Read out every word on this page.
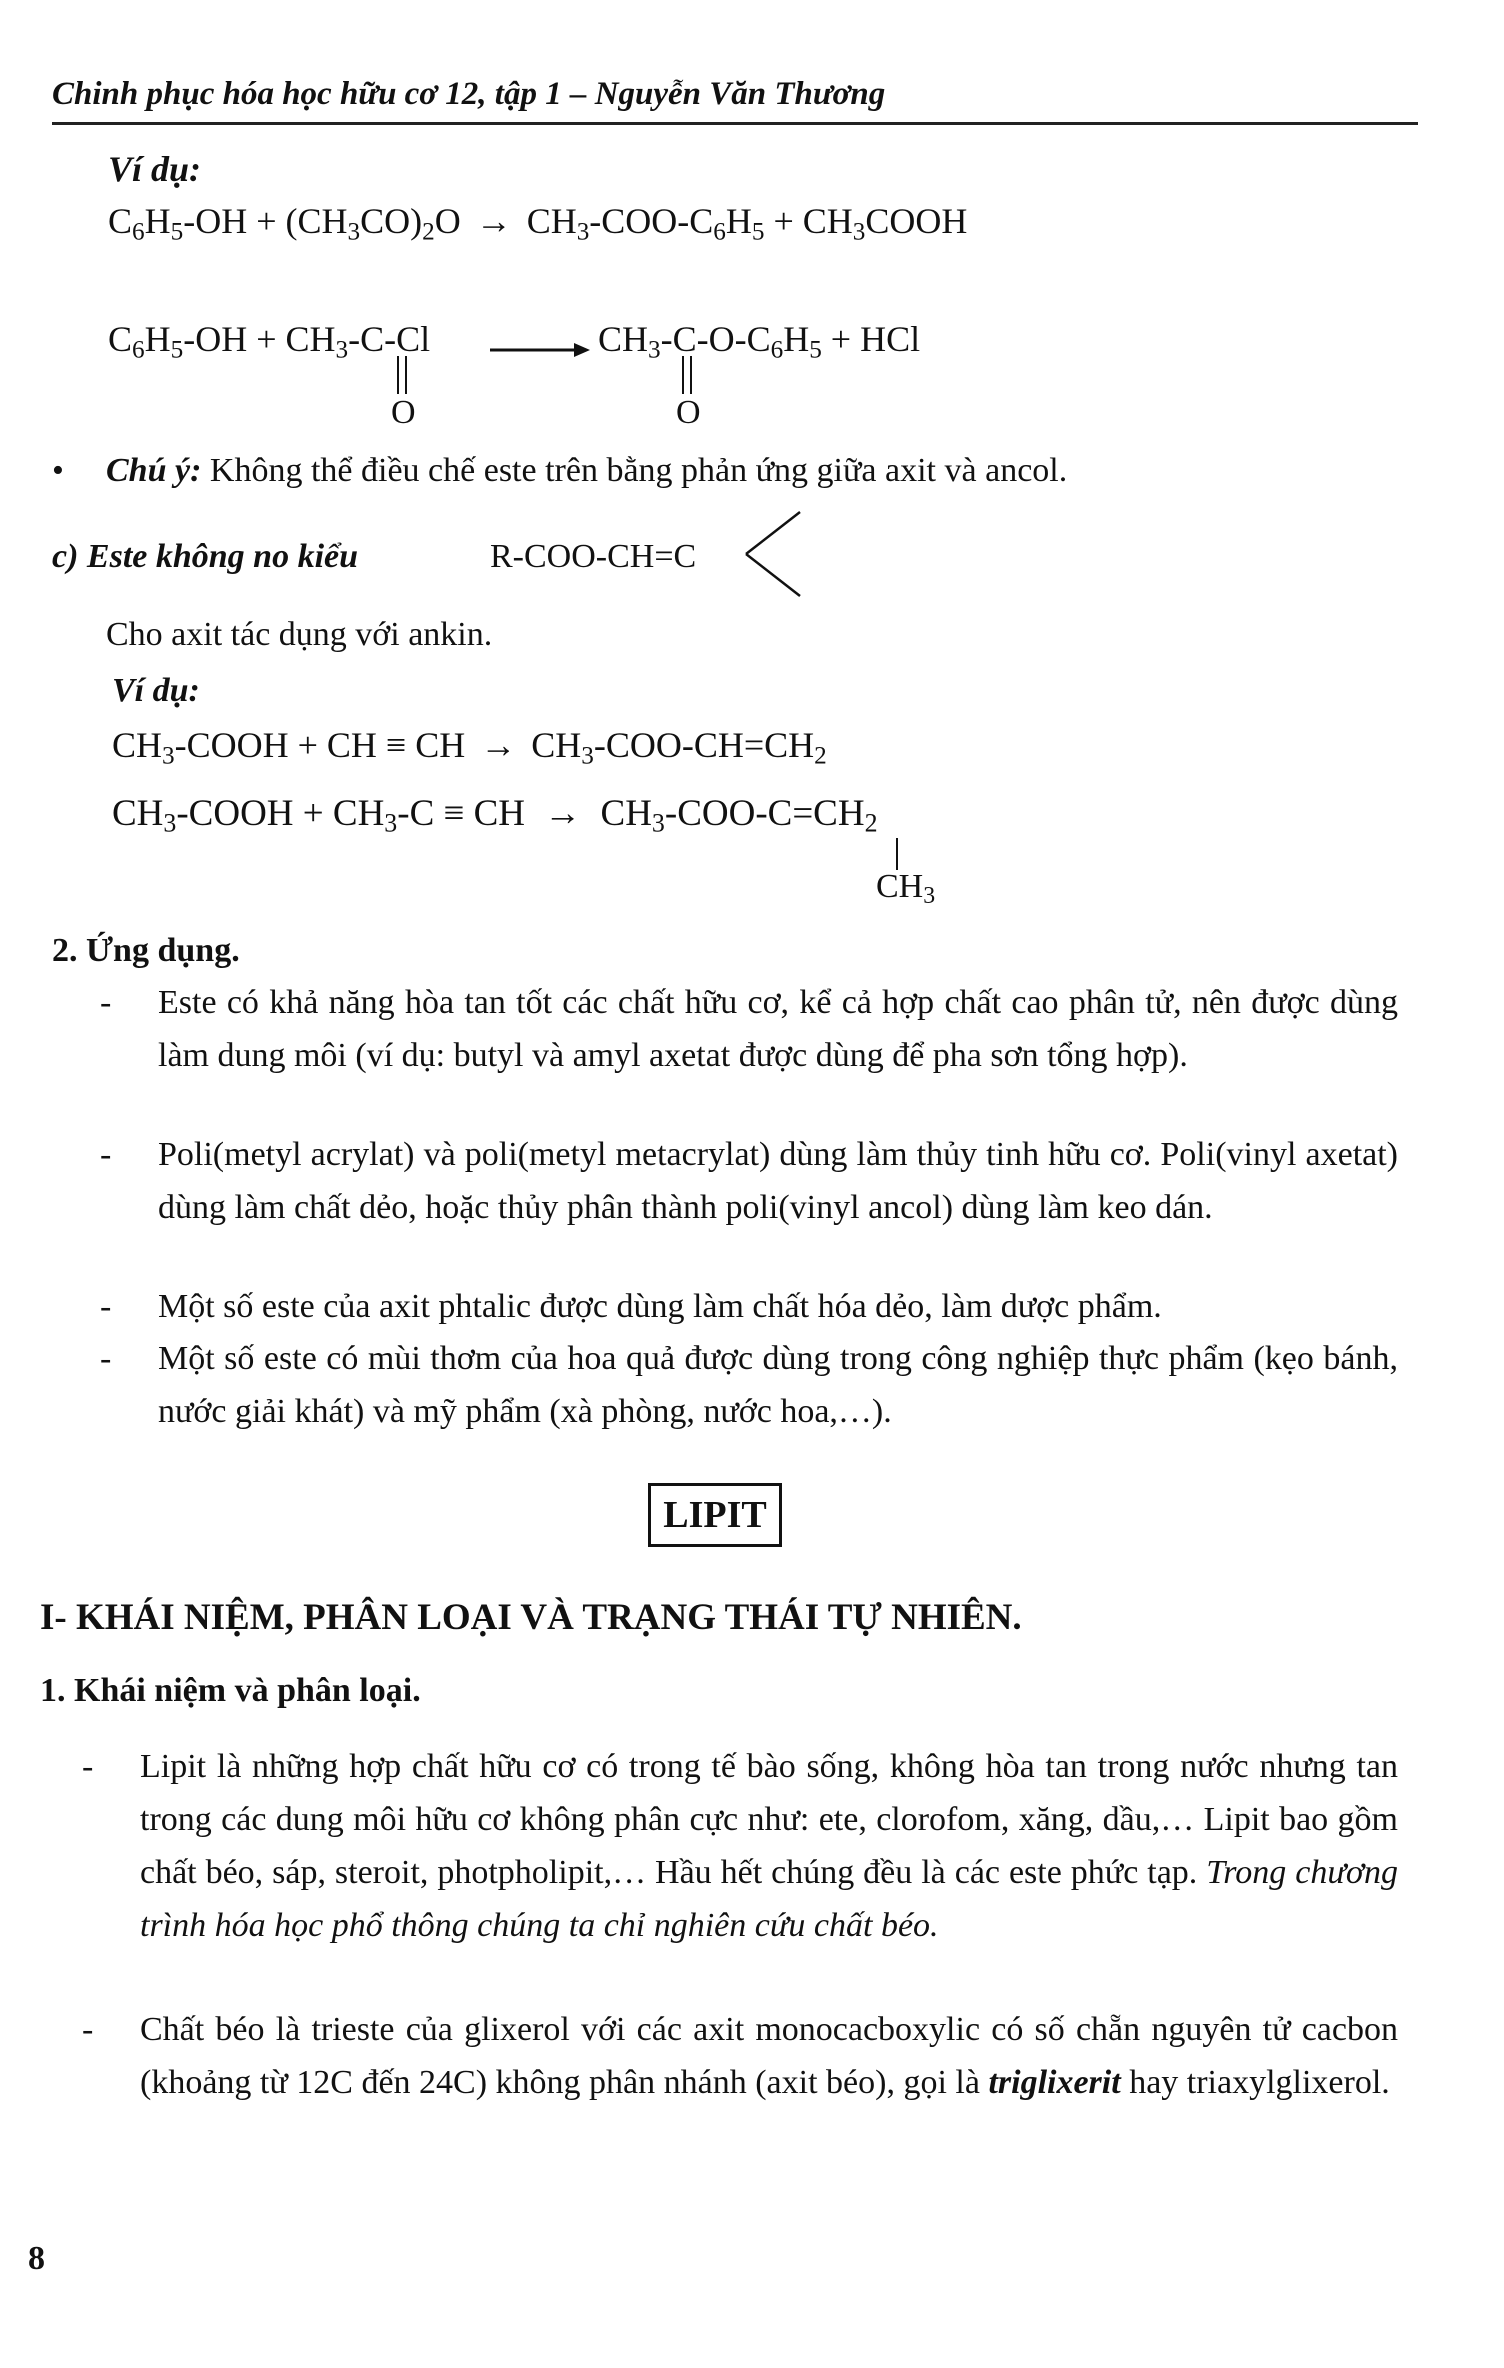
Chinh phục hóa học hữu cơ 12, tập 1 – Nguyễn Văn Thương
Ví dụ:
$C_6H_5-OH + (CH_3CO)_2O \to CH_3-COO-C_6H_5$ + $CH_3COOH$
$C_6H_5-OH + CH_3-C-Cl$	$CH_3-C-O-C_6H_5$ + HCl
O	O
• Chú ý: Không thể điều chế este trên bằng phản ứng giữa axit và ancol.
c) Este không no kiểu	R-COO-CH=C
Cho axit tác dụng với ankin.
Ví dụ:
$CH_3$-COOH + CH ≡ CH → $CH_3-COO-CH=CH_2$
$CH_3$-COOH + $CH_3-C$ ≡ CH → $CH_3-COO-C=CH_2$
$CH_3$
2. Ứng dụng.
- Este có khả năng hòa tan tốt các chất hữu cơ, kể cả hợp chất cao phân tử, nên được dùng làm dung môi (ví dụ: butyl và amyl axetat được dùng để pha sơn tổng hợp).
- Poli(metyl acrylat) và poli(metyl metacrylat) dùng làm thủy tinh hữu cơ. Poli(vinyl axetat) dùng làm chất dẻo, hoặc thủy phân thành poli(vinyl ancol) dùng làm keo dán.
- Một số este của axit phtalic được dùng làm chất hóa dẻo, làm dược phẩm.
- Một số este có mùi thơm của hoa quả được dùng trong công nghiệp thực phẩm (kẹo bánh, nước giải khát) và mỹ phẩm (xà phòng, nước hoa,…).
LIPIT
I- KHÁI NIỆM, PHÂN LOẠI VÀ TRẠNG THÁI TỰ NHIÊN.
1. Khái niệm và phân loại.
- Lipit là những hợp chất hữu cơ có trong tế bào sống, không hòa tan trong nước nhưng tan trong các dung môi hữu cơ không phân cực như: ete, clorofom, xăng, dầu,… Lipit bao gồm chất béo, sáp, steroit, photpholipit,… Hầu hết chúng đều là các este phức tạp. Trong chương trình hóa học phổ thông chúng ta chỉ nghiên cứu chất béo.
- Chất béo là trieste của glixerol với các axit monocacboxylic có số chẵn nguyên tử cacbon (khoảng từ 12C đến 24C) không phân nhánh (axit béo), gọi là triglixerit hay triaxylglixerol.
8
